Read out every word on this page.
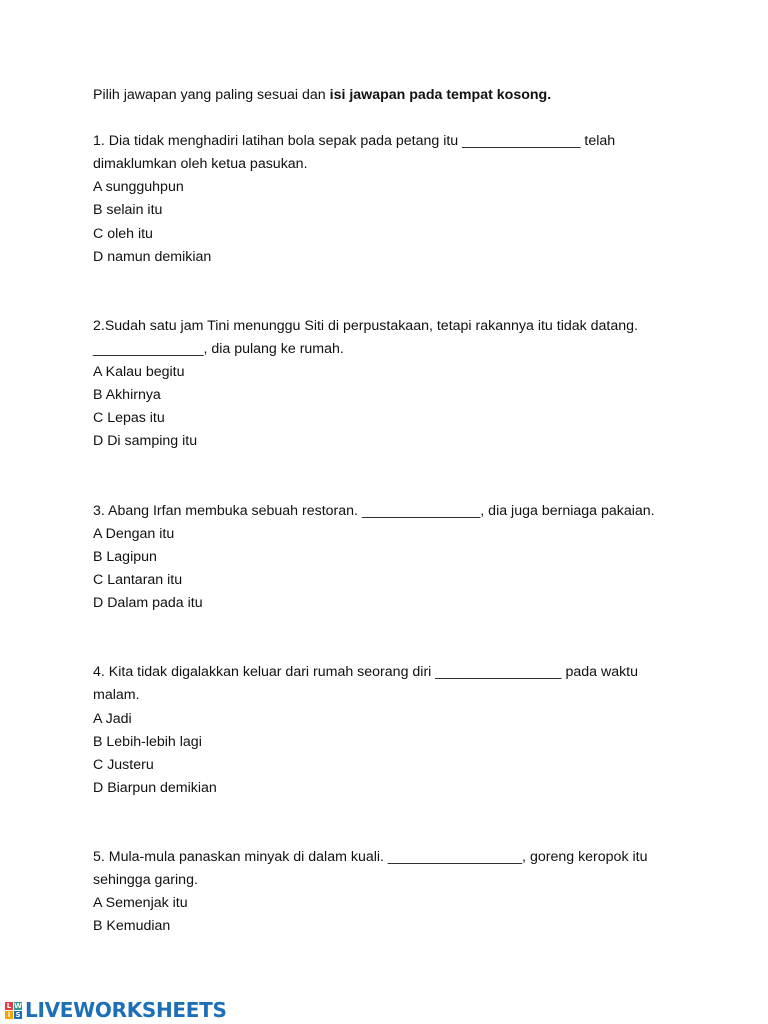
Pilih jawapan yang paling sesuai dan isi jawapan pada tempat kosong.

1. Dia tidak menghadiri latihan bola sepak pada petang itu _______________ telah

dimaklumkan oleh ketua pasukan.

A sungguhpun

B selain itu

C oleh itu

D namun demikian

2.Sudah satu jam Tini menunggu Siti di perpustakaan, tetapi rakannya itu tidak datang.

______________, dia pulang ke rumah.

A Kalau begitu

B Akhirnya

C Lepas itu

D Di samping itu

3. Abang Irfan membuka sebuah restoran. _______________, dia juga berniaga pakaian.

A Dengan itu

B Lagipun

C Lantaran itu

D Dalam pada itu

4. Kita tidak digalakkan keluar dari rumah seorang diri ________________ pada waktu

malam.

A Jadi

B Lebih-lebih lagi

C Justeru

D Biarpun demikian

5. Mula-mula panaskan minyak di dalam kuali. _________________, goreng keropok itu

sehingga garing.

A Semenjak itu

B Kemudian

L W
I S LIVEWORKSHEETS
